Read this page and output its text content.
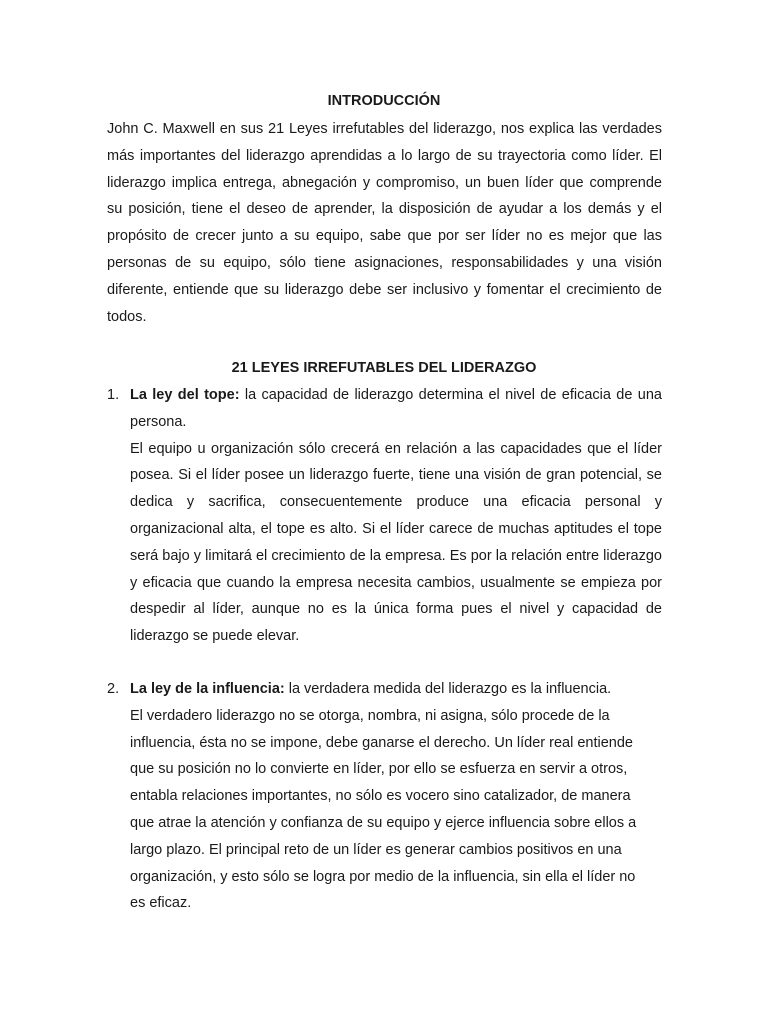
INTRODUCCIÓN

John C. Maxwell en sus 21 Leyes irrefutables del liderazgo, nos explica las verdades más importantes del liderazgo aprendidas a lo largo de su trayectoria como líder. El liderazgo implica entrega, abnegación y compromiso, un buen líder que comprende su posición, tiene el deseo de aprender, la disposición de ayudar a los demás y el propósito de crecer junto a su equipo, sabe que por ser líder no es mejor que las personas de su equipo, sólo tiene asignaciones, responsabilidades y una visión diferente, entiende que su liderazgo debe ser inclusivo y fomentar el crecimiento de todos.

21 LEYES IRREFUTABLES DEL LIDERAZGO
1. La ley del tope: la capacidad de liderazgo determina el nivel de eficacia de una persona.

El equipo u organización sólo crecerá en relación a las capacidades que el líder posea. Si el líder posee un liderazgo fuerte, tiene una visión de gran potencial, se dedica y sacrifica, consecuentemente produce una eficacia personal y organizacional alta, el tope es alto. Si el líder carece de muchas aptitudes el tope será bajo y limitará el crecimiento de la empresa. Es por la relación entre liderazgo y eficacia que cuando la empresa necesita cambios, usualmente se empieza por despedir al líder, aunque no es la única forma pues el nivel y capacidad de liderazgo se puede elevar.

2. La ley de la influencia: la verdadera medida del liderazgo es la influencia.

El verdadero liderazgo no se otorga, nombra, ni asigna, sólo procede de la influencia, ésta no se impone, debe ganarse el derecho. Un líder real entiende que su posición no lo convierte en líder, por ello se esfuerza en servir a otros, entabla relaciones importantes, no sólo es vocero sino catalizador, de manera que atrae la atención y confianza de su equipo y ejerce influencia sobre ellos a largo plazo. El principal reto de un líder es generar cambios positivos en una organización, y esto sólo se logra por medio de la influencia, sin ella el líder no es eficaz.
